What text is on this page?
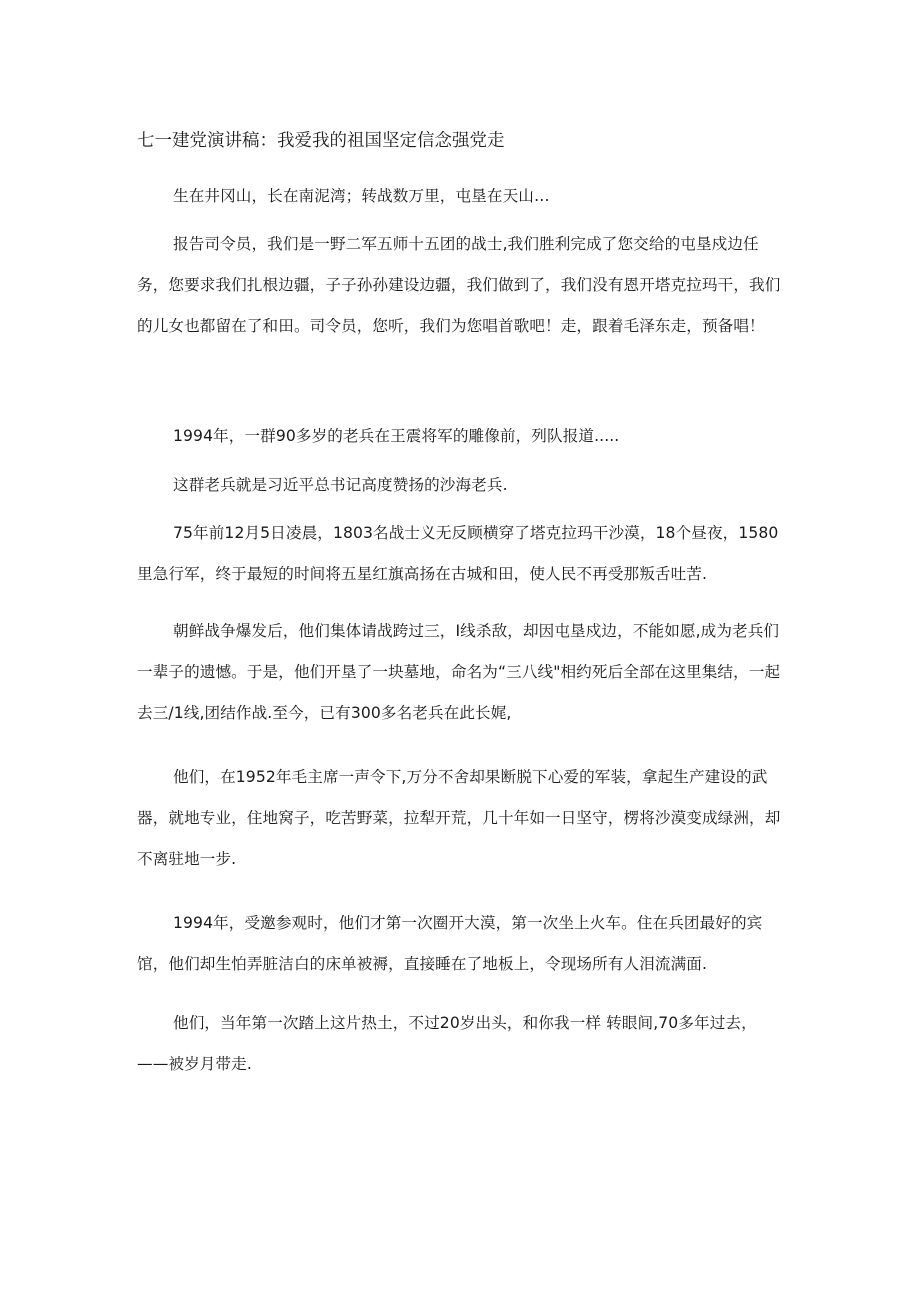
七一建党演讲稿：我爱我的祖国坚定信念强党走

生在井冈山，长在南泥湾；转战数万里，屯垦在天山…

报告司令员，我们是一野二军五师十五团的战士,我们胜利完成了您交给的屯垦戍边任务，您要求我们扎根边疆，子子孙孙建设边疆，我们做到了，我们没有恩开塔克拉玛干，我们的儿女也都留在了和田。司令员，您听，我们为您唱首歌吧！走，跟着毛泽东走，预备唱！

1994年，一群90多岁的老兵在王震将军的雕像前，列队报道.....

这群老兵就是习近平总书记高度赞扬的沙海老兵.

75年前12月5日凌晨，1803名战士义无反顾横穿了塔克拉玛干沙漠，18个昼夜，1580里急行军，终于最短的时间将五星红旗高扬在古城和田，使人民不再受那叛舌吐苦.

朝鲜战争爆发后，他们集体请战跨过三，I线杀敌，却因屯垦戍边，不能如愿,成为老兵们一辈子的遗憾。于是，他们开垦了一块墓地，命名为“三八线"相约死后全部在这里集结，一起去三/1线,团结作战.至今，已有300多名老兵在此长娓,

他们，在1952年毛主席一声令下,万分不舍却果断脱下心爱的军装，拿起生产建设的武器，就地专业，住地窝子，吃苦野菜，拉犁开荒，几十年如一日坚守，楞将沙漠变成绿洲，却不离驻地一步.

1994年，受邀参观时，他们才第一次圈开大漠，第一次坐上火车。住在兵团最好的宾馆，他们却生怕弄脏洁白的床单被褥，直接睡在了地板上，令现场所有人泪流满面.

他们，当年第一次踏上这片热土，不过20岁出头，和你我一样 转眼间,70多年过去，——被岁月带走.
